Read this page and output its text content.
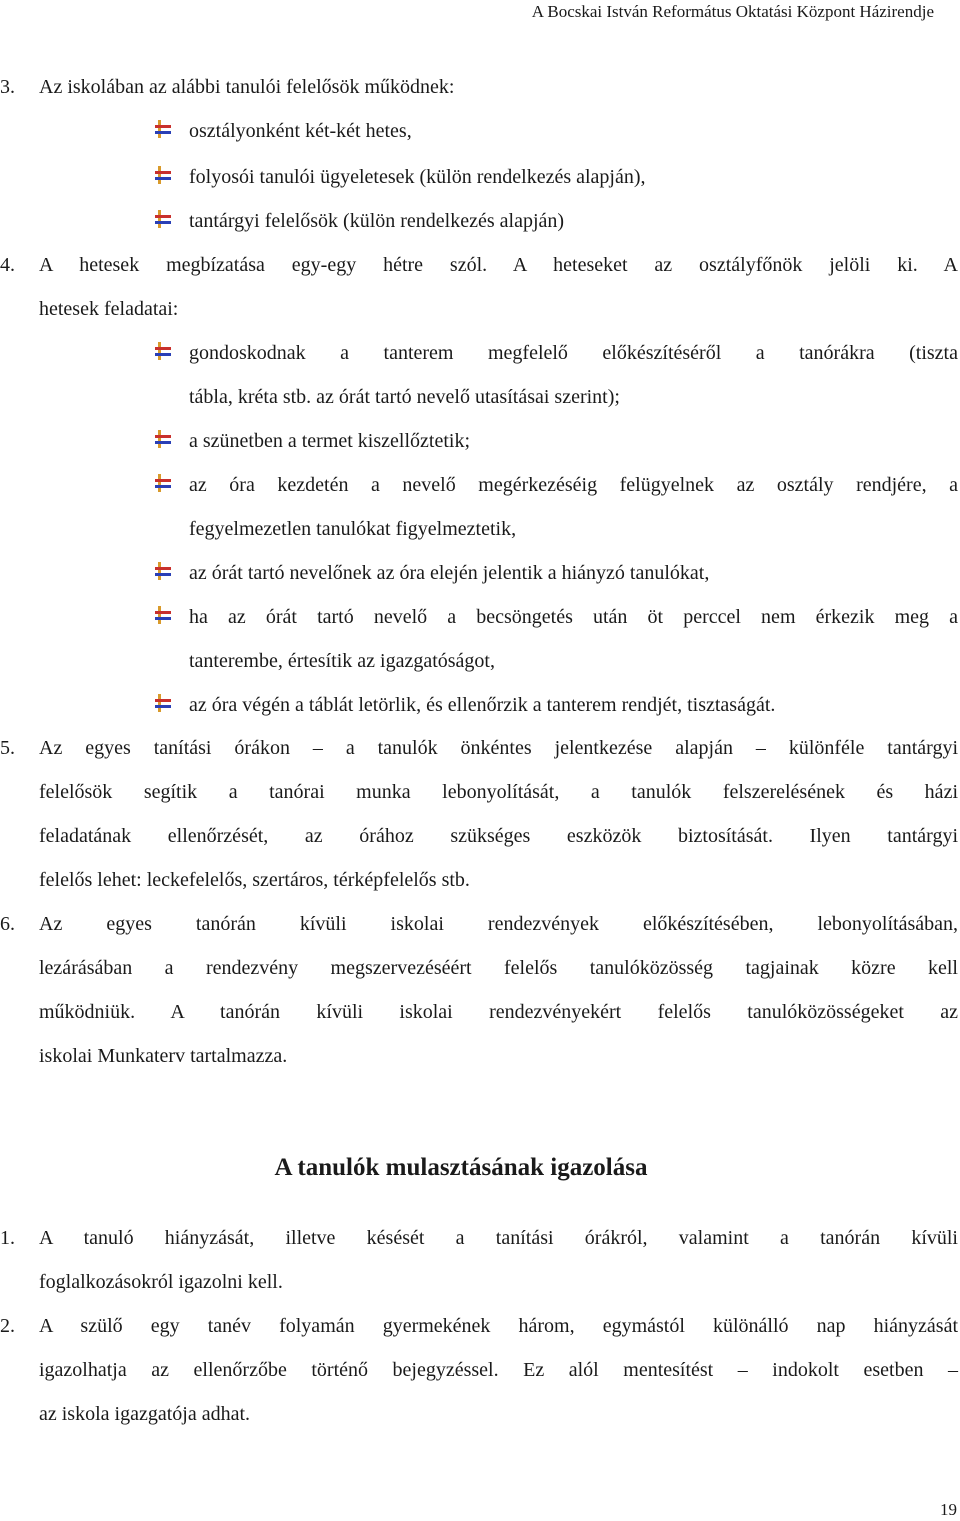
A Bocskai István Református Oktatási Központ Házirendje
3. Az iskolában az alábbi tanulói felelősök működnek:
osztályonként két-két hetes,
folyosói tanulói ügyeletesek (külön rendelkezés alapján),
tantárgyi felelősök (külön rendelkezés alapján)
4. A hetesek megbízatása egy-egy hétre szól. A heteseket az osztályfőnök jelöli ki. A
hetesek feladatai:
gondoskodnak a tanterem megfelelő előkészítéséről a tanórákra (tiszta
tábla, kréta stb. az órát tartó nevelő utasításai szerint);
a szünetben a termet kiszellőztetik;
az óra kezdetén a nevelő megérkezéséig felügyelnek az osztály rendjére, a
fegyelmezetlen tanulókat figyelmeztetik,
az órát tartó nevelőnek az óra elején jelentik a hiányzó tanulókat,
ha az órát tartó nevelő a becsöngetés után öt perccel nem érkezik meg a
tanterembe, értesítik az igazgatóságot,
az óra végén a táblát letörlik, és ellenőrzik a tanterem rendjét, tisztaságát.
5. Az egyes tanítási órákon – a tanulók önkéntes jelentkezése alapján – különféle tantárgyi
felelősök segítik a tanórai munka lebonyolítását, a tanulók felszerelésének és házi
feladatának ellenőrzését, az órához szükséges eszközök biztosítását. Ilyen tantárgyi
felelős lehet: leckefelelős, szertáros, térképfelelős stb.
6. Az egyes tanórán kívüli iskolai rendezvények előkészítésében, lebonyolításában,
lezárásában a rendezvény megszervezéséért felelős tanulóközösség tagjainak közre kell
működniük. A tanórán kívüli iskolai rendezvényekért felelős tanulóközösségeket az
iskolai Munkaterv tartalmazza.
A tanulók mulasztásának igazolása
1. A tanuló hiányzását, illetve késését a tanítási órákról, valamint a tanórán kívüli
foglalkozásokról igazolni kell.
2. A szülő egy tanév folyamán gyermekének három, egymástól különálló nap hiányzását
igazolhatja az ellenőrzőbe történő bejegyzéssel. Ez alól mentesítést – indokolt esetben –
az iskola igazgatója adhat.
19
